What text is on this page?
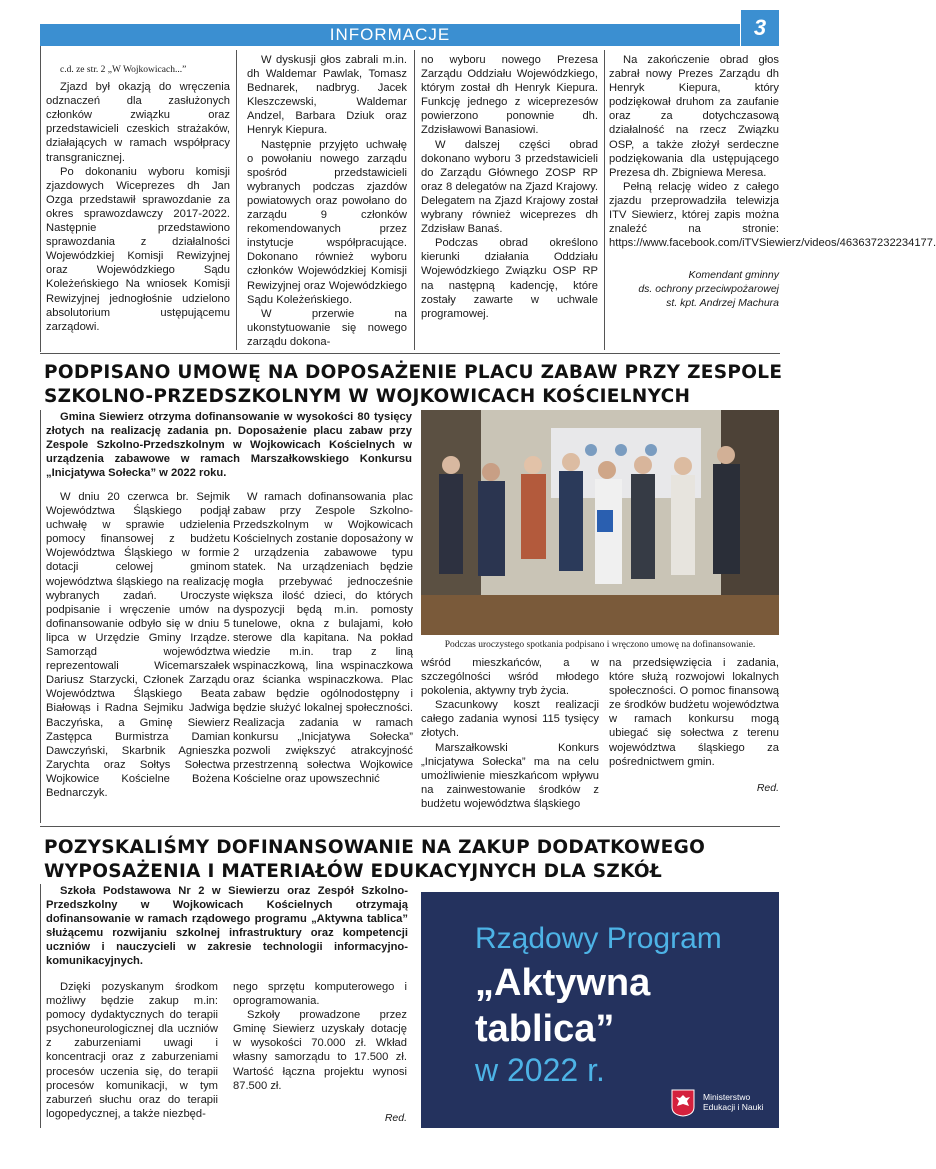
INFORMACJE	3

c.d. ze str. 2 „W Wojkowicach...”

Zjazd był okazją do wręczenia odznaczeń dla zasłużonych członków związku oraz przedstawicieli czeskich strażaków, działających w ramach współpracy transgranicznej.

Po dokonaniu wyboru komisji zjazdowych Wiceprezes dh Jan Ozga przedstawił sprawozdanie za okres sprawozdawczy 2017-2022. Następnie przedstawiono sprawozdania z działalności Wojewódzkiej Komisji Rewizyjnej oraz Wojewódzkiego Sądu Koleżeńskiego Na wniosek Komisji Rewizyjnej jednogłośnie udzielono absolutorium ustępującemu zarządowi.

W dyskusji głos zabrali m.in. dh Waldemar Pawlak, Tomasz Bednarek, nadbryg. Jacek Kleszczewski, Waldemar Andzel, Barbara Dziuk oraz Henryk Kiepura.

Następnie przyjęto uchwałę o powołaniu nowego zarządu spośród przedstawicieli wybranych podczas zjazdów powiatowych oraz powołano do zarządu 9 członków rekomendowanych przez instytucje współpracujące. Dokonano również wyboru członków Wojewódzkiej Komisji Rewizyjnej oraz Wojewódzkiego Sądu Koleżeńskiego.

W przerwie na ukonstytuowanie się nowego zarządu dokona-

no wyboru nowego Prezesa Zarządu Oddziału Wojewódzkiego, którym został dh Henryk Kiepura. Funkcję jednego z wiceprezesów powierzono ponownie dh. Zdzisławowi Banasiowi.

W dalszej części obrad dokonano wyboru 3 przedstawicieli do Zarządu Głównego ZOSP RP oraz 8 delegatów na Zjazd Krajowy. Delegatem na Zjazd Krajowy został wybrany również wiceprezes dh Zdzisław Banaś.

Podczas obrad określono kierunki działania Oddziału Wojewódzkiego Związku OSP RP na następną kadencję, które zostały zawarte w uchwale programowej.

Na zakończenie obrad głos zabrał nowy Prezes Zarządu dh Henryk Kiepura, który podziękował druhom za zaufanie oraz za dotychczasową działalność na rzecz Związku OSP, a także złożył serdeczne podziękowania dla ustępującego Prezesa dh. Zbigniewa Meresa.

Pełną relację wideo z całego zjazdu przeprowadziła telewizja ITV Siewierz, której zapis można znaleźć na stronie: https://www.facebook.com/iTVSiewierz/videos/463637232234177.

Komendant gminny
ds. ochrony przeciwpożarowej
st. kpt. Andrzej Machura
PODPISANO UMOWĘ NA DOPOSAŻENIE PLACU ZABAW PRZY ZESPOLE
SZKOLNO-PRZEDSZKOLNYM W WOJKOWICACH KOŚCIELNYCH

Gmina Siewierz otrzyma dofinansowanie w wysokości 80 tysięcy złotych na realizację zadania pn. Doposażenie placu zabaw przy Zespole Szkolno-Przedszkolnym w Wojkowicach Kościelnych w urządzenia zabawowe w ramach Marszałkowskiego Konkursu „Inicjatywa Sołecka” w 2022 roku.

W dniu 20 czerwca br. Sejmik Województwa Śląskiego podjął uchwałę w sprawie udzielenia pomocy finansowej z budżetu Województwa Śląskiego w formie dotacji celowej gminom województwa śląskiego na realizację wybranych zadań. Uroczyste podpisanie i wręczenie umów na dofinansowanie odbyło się w dniu 5 lipca w Urzędzie Gminy Irządze. Samorząd województwa reprezentowali Wicemarszałek Dariusz Starzycki, Członek Zarządu Województwa Śląskiego Beata Białowąs i Radna Sejmiku Jadwiga Baczyńska, a Gminę Siewierz Zastępca Burmistrza Damian Dawczyński, Skarbnik Agnieszka Zarychta oraz Sołtys Sołectwa Wojkowice Kościelne Bożena Bednarczyk.

W ramach dofinansowania plac zabaw przy Zespole Szkolno-Przedszkolnym w Wojkowicach Kościelnych zostanie doposażony w 2 urządzenia zabawowe typu statek. Na urządzeniach będzie mogła przebywać jednocześnie większa ilość dzieci, do których dyspozycji będą m.in. pomosty tunelowe, okna z bulajami, koło sterowe dla kapitana. Na pokład wiedzie m.in. trap z liną wspinaczkową, lina wspinaczkowa oraz ścianka wspinaczkowa. Plac zabaw będzie ogólnodostępny i będzie służyć lokalnej społeczności. Realizacja zadania w ramach konkursu „Inicjatywa Sołecka” pozwoli zwiększyć atrakcyjność przestrzenną sołectwa Wojkowice Kościelne oraz upowszechnić

Podczas uroczystego spotkania podpisano i wręczono umowę na dofinansowanie.

wśród mieszkańców, a w szczególności wśród młodego pokolenia, aktywny tryb życia.

Szacunkowy koszt realizacji całego zadania wynosi 115 tysięcy złotych.

Marszałkowski Konkurs „Inicjatywa Sołecka” ma na celu umożliwienie mieszkańcom wpływu na zainwestowanie środków z budżetu województwa śląskiego

na przedsięwzięcia i zadania, które służą rozwojowi lokalnych społeczności. O pomoc finansową ze środków budżetu województwa w ramach konkursu mogą ubiegać się sołectwa z terenu województwa śląskiego za pośrednictwem gmin.

Red.
POZYSKALIŚMY DOFINANSOWANIE NA ZAKUP DODATKOWEGO
WYPOSAŻENIA I MATERIAŁÓW EDUKACYJNYCH DLA SZKÓŁ

Szkoła Podstawowa Nr 2 w Siewierzu oraz Zespół Szkolno-Przedszkolny w Wojkowicach Kościelnych otrzymają dofinansowanie w ramach rządowego programu „Aktywna tablica” służącemu rozwijaniu szkolnej infrastruktury oraz kompetencji uczniów i nauczycieli w zakresie technologii informacyjno-komunikacyjnych.

Dzięki pozyskanym środkom możliwy będzie zakup m.in: pomocy dydaktycznych do terapii psychoneurologicznej dla uczniów z zaburzeniami uwagi i koncentracji oraz z zaburzeniami procesów uczenia się, do terapii procesów komunikacji, w tym zaburzeń słuchu oraz do terapii logopedycznej, a także niezbęd-

nego sprzętu komputerowego i oprogramowania.

Szkoły prowadzone przez Gminę Siewierz uzyskały dotację w wysokości 70.000 zł. Wkład własny samorządu to 17.500 zł. Wartość łączna projektu wynosi 87.500 zł.

Red.
Rządowy Program
„Aktywna
tablica”
w 2022 r.
Ministerstwo
Edukacji i Nauki
